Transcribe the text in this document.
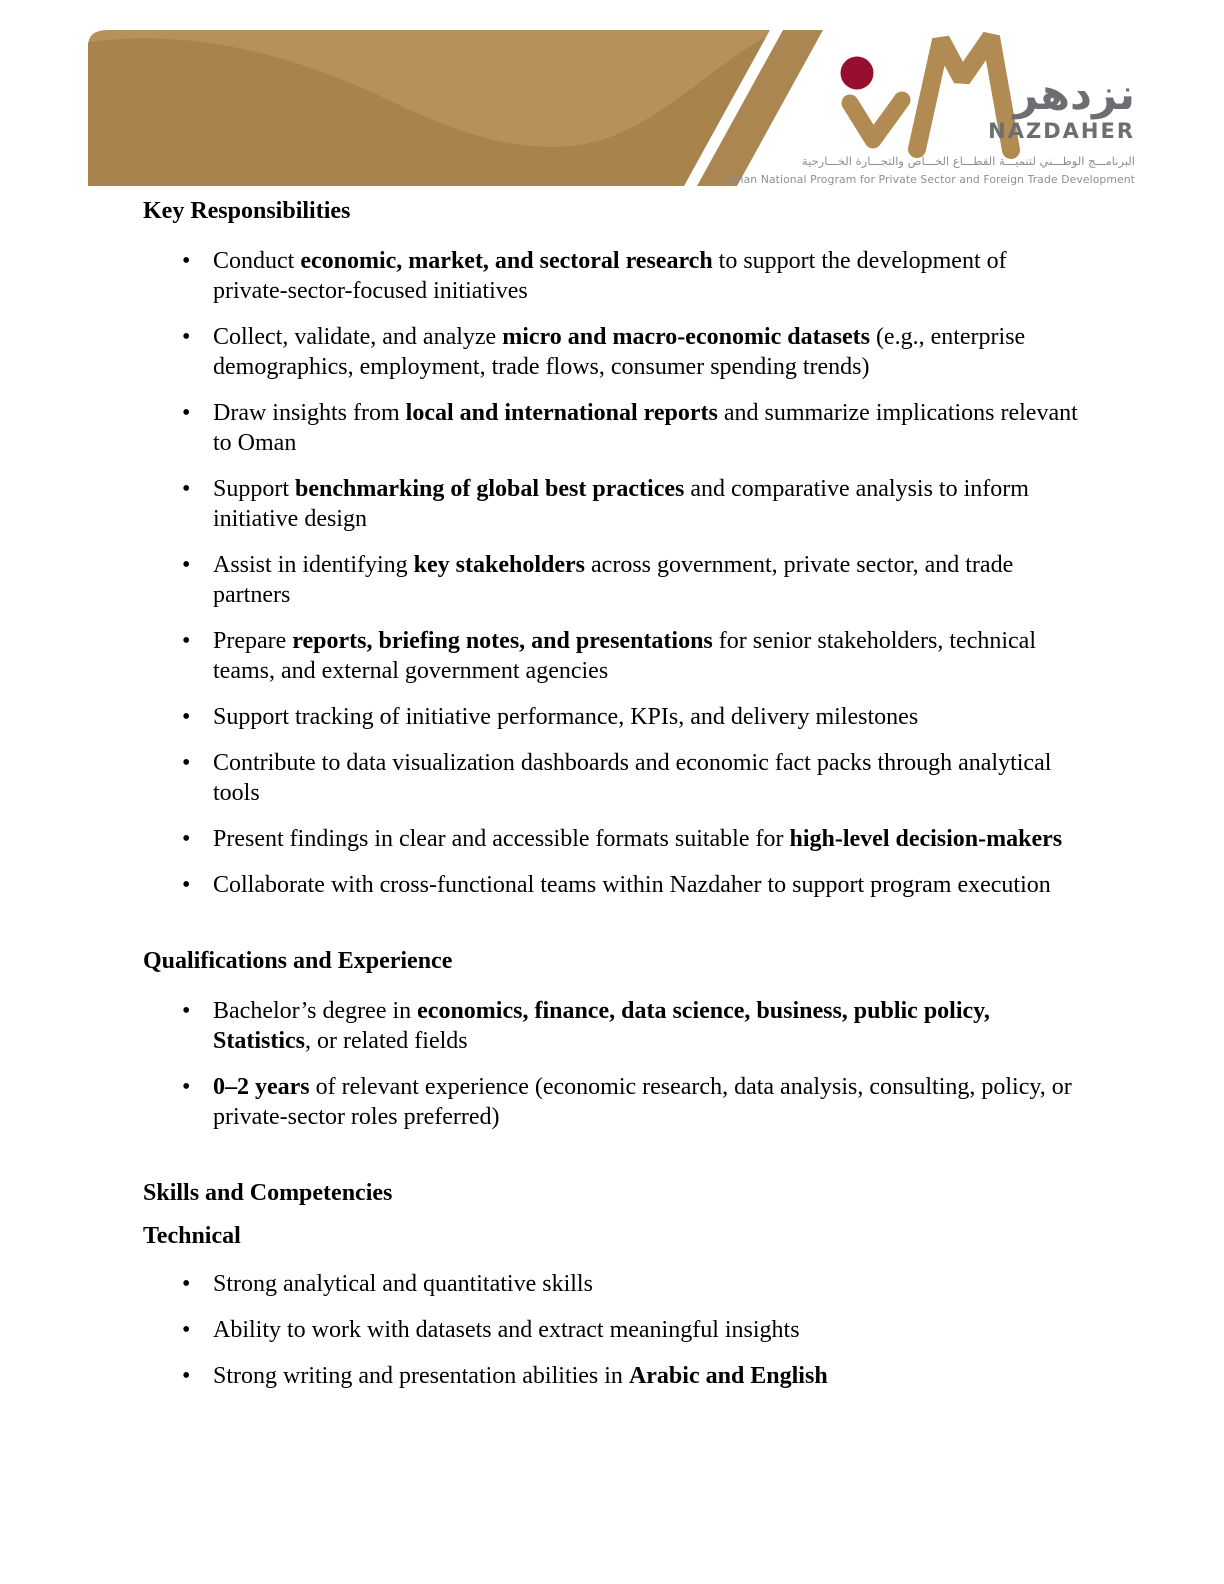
نزدهر
NAZDAHER
البرنامـــج الوطـــني لتنميـــة القطـــاع الخـــاص والتجـــارة الخـــارجية
Oman National Program for Private Sector and Foreign Trade Development
Key Responsibilities
• Conduct economic, market, and sectoral research to support the development of private-sector-focused initiatives
• Collect, validate, and analyze micro and macro-economic datasets (e.g., enterprise demographics, employment, trade flows, consumer spending trends)
• Draw insights from local and international reports and summarize implications relevant to Oman
• Support benchmarking of global best practices and comparative analysis to inform initiative design
• Assist in identifying key stakeholders across government, private sector, and trade partners
• Prepare reports, briefing notes, and presentations for senior stakeholders, technical teams, and external government agencies
• Support tracking of initiative performance, KPIs, and delivery milestones
• Contribute to data visualization dashboards and economic fact packs through analytical tools
• Present findings in clear and accessible formats suitable for high-level decision-makers
• Collaborate with cross-functional teams within Nazdaher to support program execution
Qualifications and Experience
• Bachelor’s degree in economics, finance, data science, business, public policy, Statistics, or related fields
• 0–2 years of relevant experience (economic research, data analysis, consulting, policy, or private-sector roles preferred)
Skills and Competencies
Technical
• Strong analytical and quantitative skills
• Ability to work with datasets and extract meaningful insights
• Strong writing and presentation abilities in Arabic and English
